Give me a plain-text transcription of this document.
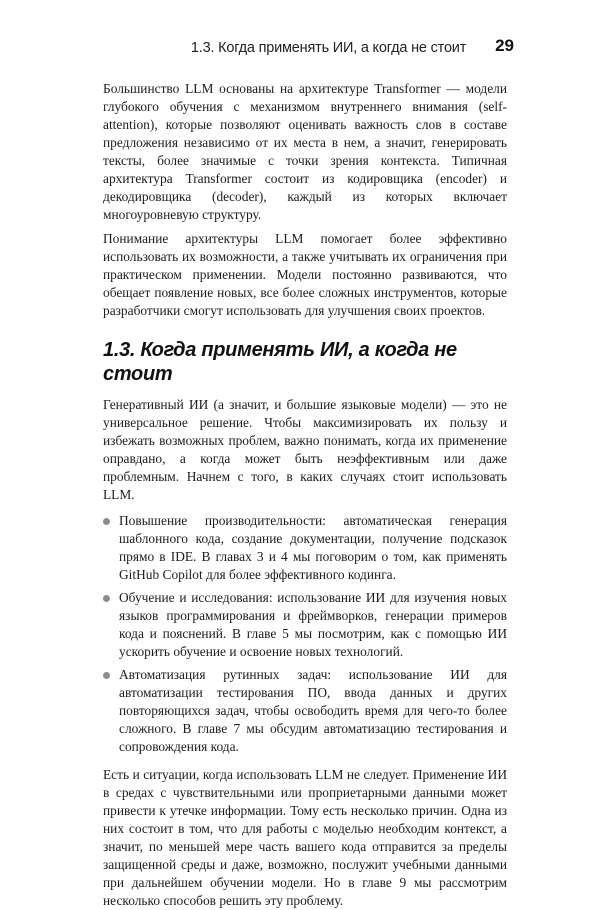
1.3. Когда применять ИИ, а когда не стоит	29

Большинство LLM основаны на архитектуре Transformer — модели глубокого обучения с механизмом внутреннего внимания (self-attention), которые позволяют оценивать важность слов в составе предложения независимо от их места в нем, а значит, генерировать тексты, более значимые с точки зрения контекста. Типичная архитектура Transformer состоит из кодировщика (encoder) и декодировщика (decoder), каждый из которых включает многоуровневую структуру.

Понимание архитектуры LLM помогает более эффективно использовать их возможности, а также учитывать их ограничения при практическом применении. Модели постоянно развиваются, что обещает появление новых, все более сложных инструментов, которые разработчики смогут использовать для улучшения своих проектов.

1.3. Когда применять ИИ, а когда не стоит

Генеративный ИИ (а значит, и большие языковые модели) — это не универсальное решение. Чтобы максимизировать их пользу и избежать возможных проблем, важно понимать, когда их применение оправдано, а когда может быть неэффективным или даже проблемным. Начнем с того, в каких случаях стоит использовать LLM.

Повышение производительности: автоматическая генерация шаблонного кода, создание документации, получение подсказок прямо в IDE. В главах 3 и 4 мы поговорим о том, как применять GitHub Copilot для более эффективного кодинга.
Обучение и исследования: использование ИИ для изучения новых языков программирования и фреймворков, генерации примеров кода и пояснений. В главе 5 мы посмотрим, как с помощью ИИ ускорить обучение и освоение новых технологий.
Автоматизация рутинных задач: использование ИИ для автоматизации тестирования ПО, ввода данных и других повторяющихся задач, чтобы освободить время для чего-то более сложного. В главе 7 мы обсудим автоматизацию тестирования и сопровождения кода.

Есть и ситуации, когда использовать LLM не следует. Применение ИИ в средах с чувствительными или проприетарными данными может привести к утечке информации. Тому есть несколько причин. Одна из них состоит в том, что для работы с моделью необходим контекст, а значит, по меньшей мере часть вашего кода отправится за пределы защищенной среды и даже, возможно, послужит учебными данными при дальнейшем обучении модели. Но в главе 9 мы рассмотрим несколько способов решить эту проблему.
